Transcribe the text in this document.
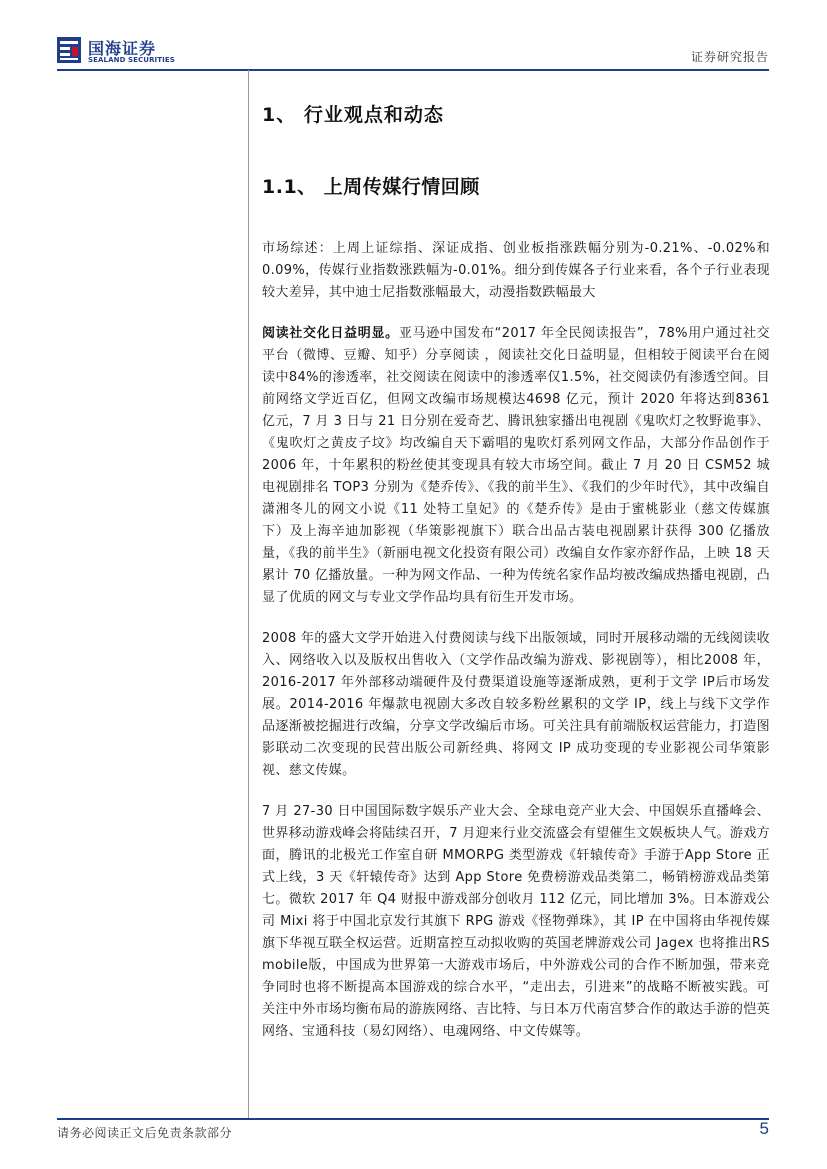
国海证券
SEALAND SECURITIES	证券研究报告
1、 行业观点和动态
1.1、 上周传媒行情回顾

市场综述：上周上证综指、深证成指、创业板指涨跌幅分别为-0.21%、-0.02%和0.09%，传媒行业指数涨跌幅为-0.01%。细分到传媒各子行业来看，各个子行业表现较大差异，其中迪士尼指数涨幅最大，动漫指数跌幅最大

阅读社交化日益明显。亚马逊中国发布“2017 年全民阅读报告”，78%用户通过社交平台（微博、豆瓣、知乎）分享阅读 ，阅读社交化日益明显，但相较于阅读平台在阅读中84%的渗透率，社交阅读在阅读中的渗透率仅1.5%，社交阅读仍有渗透空间。目前网络文学近百亿，但网文改编市场规模达4698 亿元，预计 2020 年将达到8361 亿元，7 月 3 日与 21 日分别在爱奇艺、腾讯独家播出电视剧《鬼吹灯之牧野诡事》、《鬼吹灯之黄皮子坟》均改编自天下霸唱的鬼吹灯系列网文作品，大部分作品创作于 2006 年，十年累积的粉丝使其变现具有较大市场空间。截止 7 月 20 日 CSM52 城电视剧排名 TOP3 分别为《楚乔传》、《我的前半生》、《我们的少年时代》，其中改编自潇湘冬儿的网文小说《11 处特工皇妃》的《楚乔传》是由于蜜桃影业（慈文传媒旗下）及上海辛迪加影视（华策影视旗下）联合出品古装电视剧累计获得 300 亿播放量，《我的前半生》（新丽电视文化投资有限公司）改编自女作家亦舒作品，上映 18 天累计 70 亿播放量。一种为网文作品、一种为传统名家作品均被改编成热播电视剧，凸显了优质的网文与专业文学作品均具有衍生开发市场。

2008 年的盛大文学开始进入付费阅读与线下出版领域，同时开展移动端的无线阅读收入、网络收入以及版权出售收入（文学作品改编为游戏、影视剧等），相比2008 年，2016-2017 年外部移动端硬件及付费渠道设施等逐渐成熟，更利于文学 IP后市场发展。2014-2016 年爆款电视剧大多改自较多粉丝累积的文学 IP，线上与线下文学作品逐渐被挖掘进行改编，分享文学改编后市场。可关注具有前端版权运营能力，打造图影联动二次变现的民营出版公司新经典、将网文 IP 成功变现的专业影视公司华策影视、慈文传媒。

7 月 27-30 日中国国际数字娱乐产业大会、全球电竞产业大会、中国娱乐直播峰会、世界移动游戏峰会将陆续召开，7 月迎来行业交流盛会有望催生文娱板块人气。游戏方面，腾讯的北极光工作室自研 MMORPG 类型游戏《轩辕传奇》手游于App Store 正式上线，3 天《轩辕传奇》达到 App Store 免费榜游戏品类第二，畅销榜游戏品类第七。微软 2017 年 Q4 财报中游戏部分创收月 112 亿元，同比增加 3%。日本游戏公司 Mixi 将于中国北京发行其旗下 RPG 游戏《怪物弹珠》，其 IP 在中国将由华视传媒旗下华视互联全权运营。近期富控互动拟收购的英国老牌游戏公司 Jagex 也将推出RS mobile版，中国成为世界第一大游戏市场后，中外游戏公司的合作不断加强，带来竞争同时也将不断提高本国游戏的综合水平，“走出去，引进来”的战略不断被实践。可关注中外市场均衡布局的游族网络、吉比特、与日本万代南宫梦合作的敢达手游的恺英网络、宝通科技（易幻网络）、电魂网络、中文传媒等。

请务必阅读正文后免责条款部分	5
